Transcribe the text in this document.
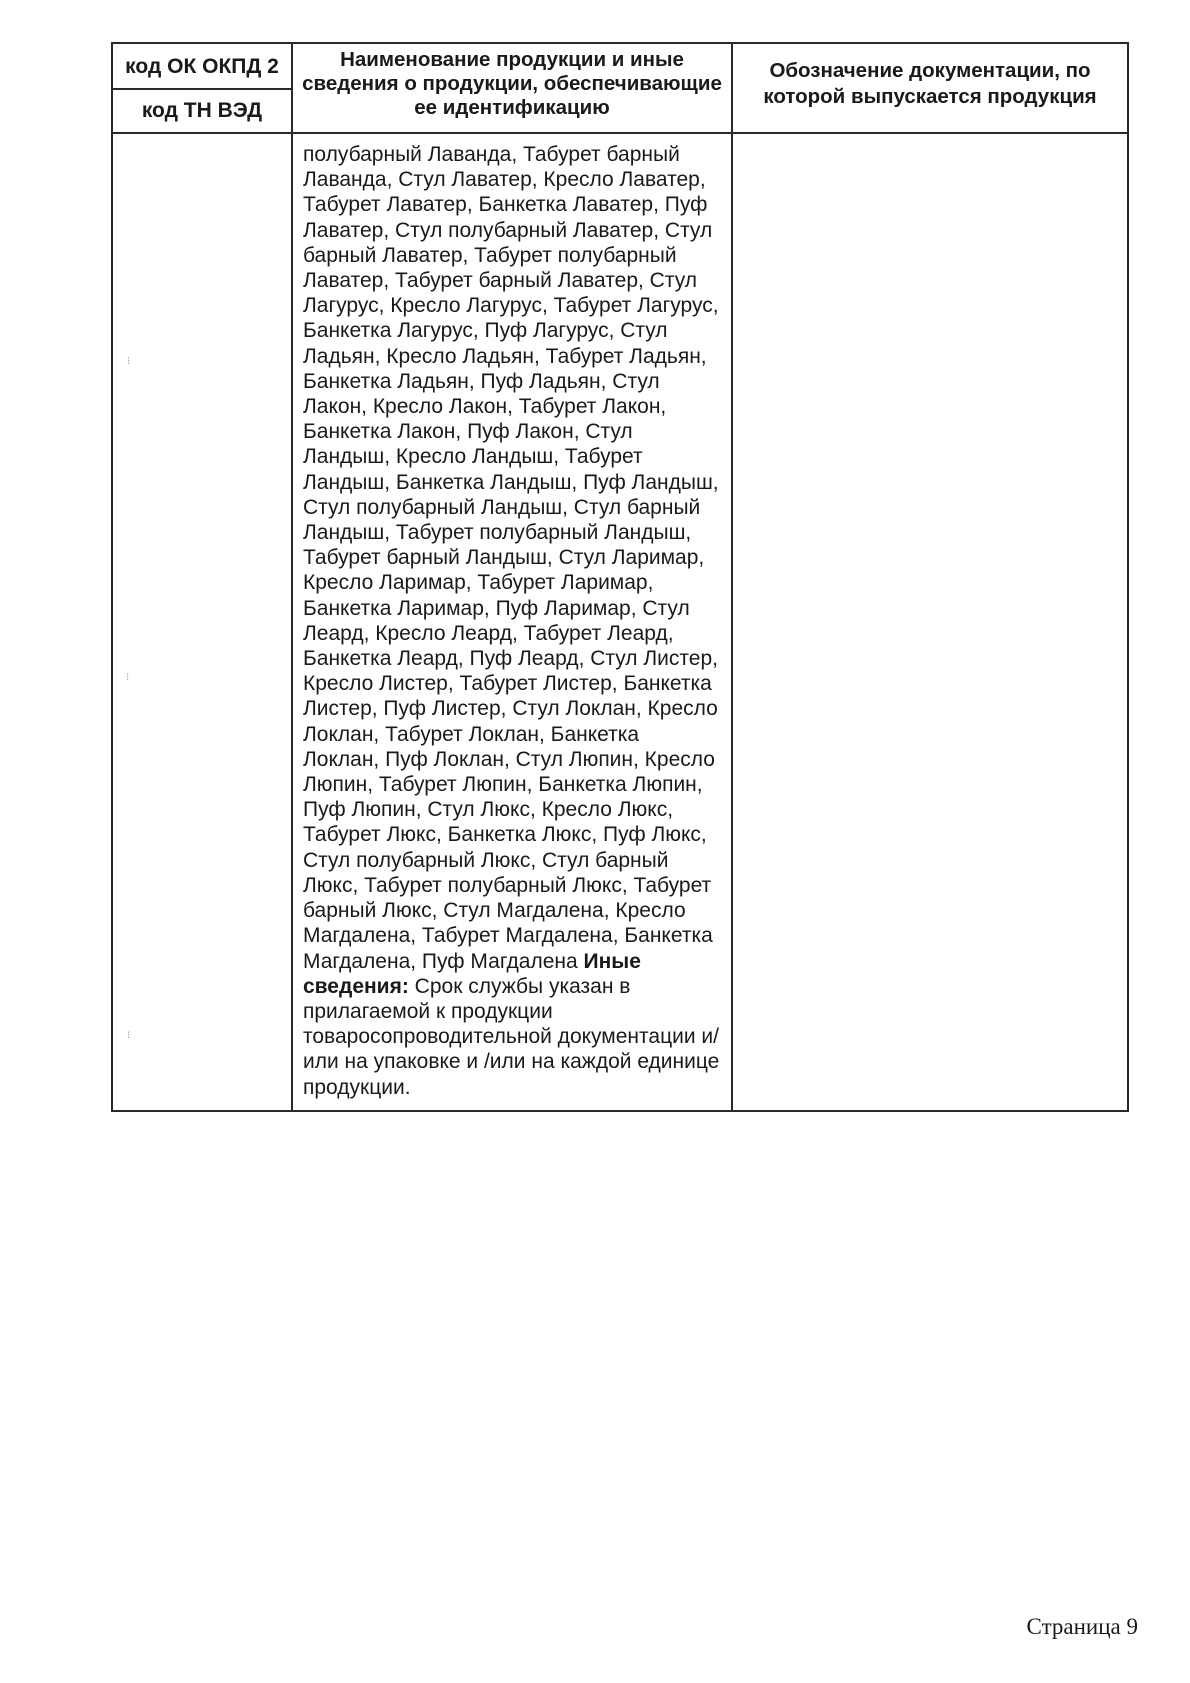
код ОК ОКПД 2
код ТН ВЭД	Наименование продукции и иные сведения о продукции, обеспечивающие ее идентификацию	Обозначение документации, по которой выпускается продукция

	полубарный Лаванда, Табурет барный Лаванда, Стул Лаватер, Кресло Лаватер, Табурет Лаватер, Банкетка Лаватер, Пуф Лаватер, Стул полубарный Лаватер, Стул барный Лаватер, Табурет полубарный Лаватер, Табурет барный Лаватер, Стул Лагурус, Кресло Лагурус, Табурет Лагурус, Банкетка Лагурус, Пуф Лагурус, Стул Ладьян, Кресло Ладьян, Табурет Ладьян, Банкетка Ладьян, Пуф Ладьян, Стул Лакон, Кресло Лакон, Табурет Лакон, Банкетка Лакон, Пуф Лакон, Стул Ландыш, Кресло Ландыш, Табурет Ландыш, Банкетка Ландыш, Пуф Ландыш, Стул полубарный Ландыш, Стул барный Ландыш, Табурет полубарный Ландыш, Табурет барный Ландыш, Стул Ларимар, Кресло Ларимар, Табурет Ларимар, Банкетка Ларимар, Пуф Ларимар, Стул Леард, Кресло Леард, Табурет Леард, Банкетка Леард, Пуф Леард, Стул Листер, Кресло Листер, Табурет Листер, Банкетка Листер, Пуф Листер, Стул Локлан, Кресло Локлан, Табурет Локлан, Банкетка Локлан, Пуф Локлан, Стул Люпин, Кресло Люпин, Табурет Люпин, Банкетка Люпин, Пуф Люпин, Стул Люкс, Кресло Люкс, Табурет Люкс, Банкетка Люкс, Пуф Люкс, Стул полубарный Люкс, Стул барный Люкс, Табурет полубарный Люкс, Табурет барный Люкс, Стул Магдалена, Кресло Магдалена, Табурет Магдалена, Банкетка Магдалена, Пуф Магдалена Иные сведения: Срок службы указан в прилагаемой к продукции товаросопроводительной документации и/или на упаковке и /или на каждой единице продукции.	

⁝
⁝
⁝
Страница 9
